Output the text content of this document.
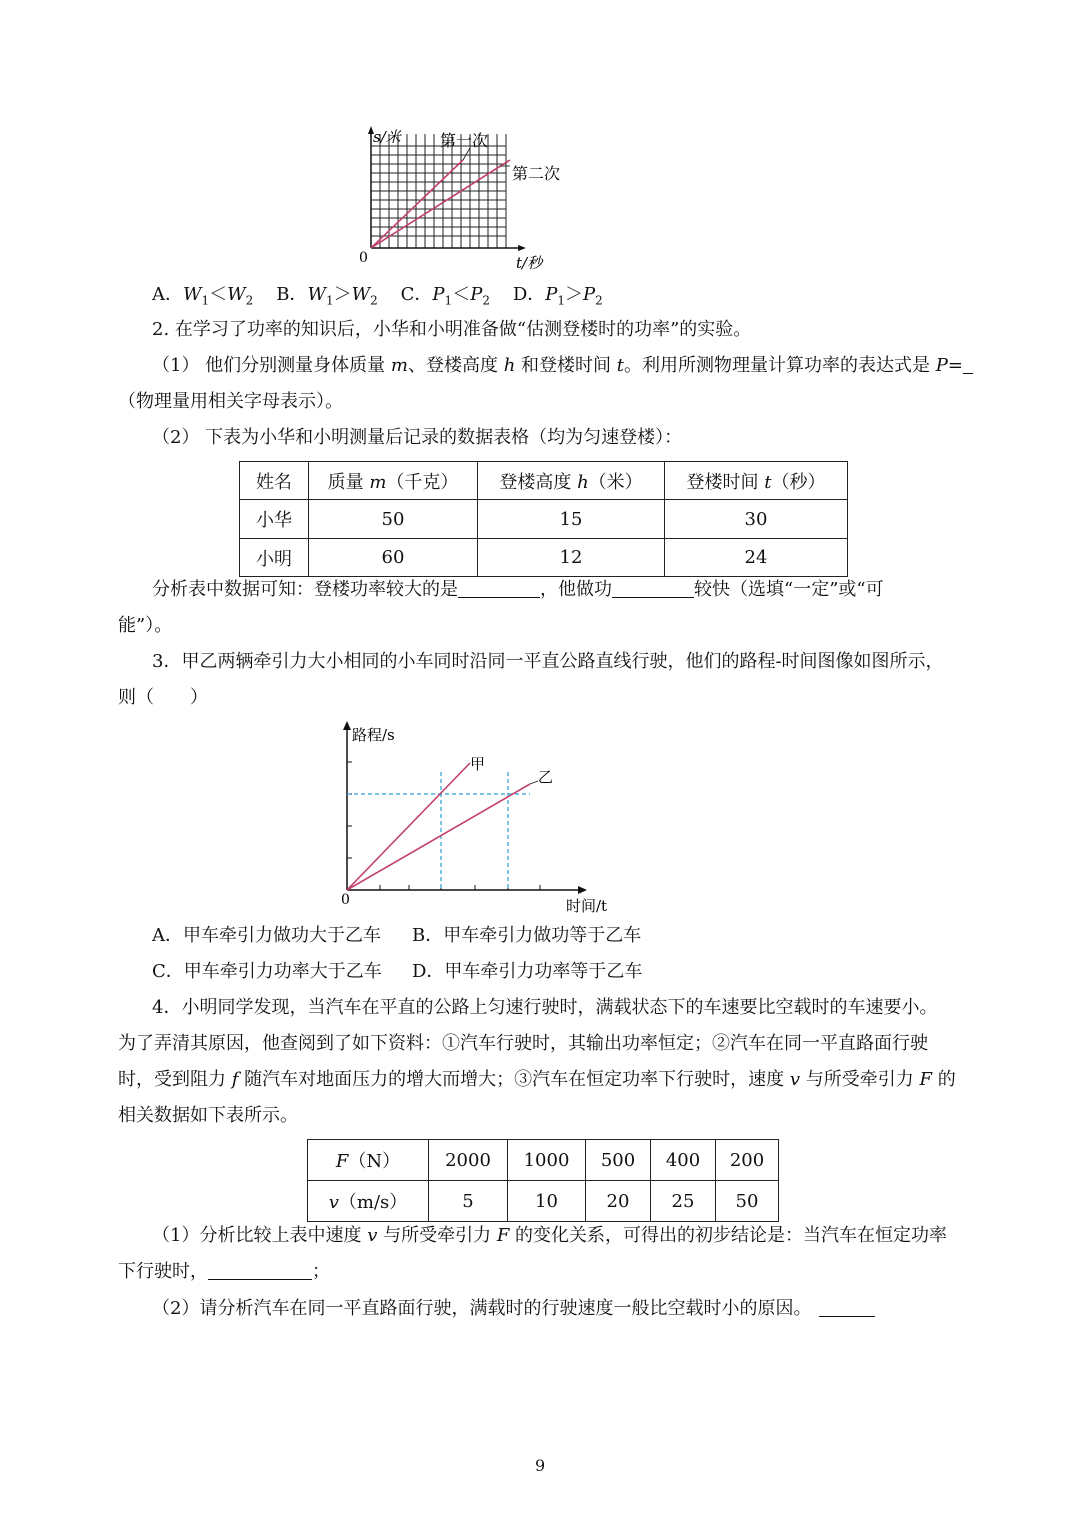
s/米 第一次
第二次
0	t/秒
A．$W_1<W_2$ B．$W_1>W_2$ C．$P_1<P_2$ D．$P_1>P_2$
2. 在学习了功率的知识后，小华和小明准备做“估测登楼时的功率”的实验。
（1） 他们分别测量身体质量 m、登楼高度 h 和登楼时间 t。利用所测物理量计算功率的表达式是 P=
（物理量用相关字母表示）。
（2） 下表为小华和小明测量后记录的数据表格（均为匀速登楼）：
姓名	质量 m（千克）	登楼高度 h（米）	登楼时间 t（秒）
小华	50	15	30
小明	60	12	24
分析表中数据可知：登楼功率较大的是	，他做功	较快（选填“一定”或“可
能”）。
3．甲乙两辆牵引力大小相同的小车同时沿同一平直公路直线行驶，他们的路程-时间图像如图所示，
则（　　）
路程/s
甲
乙
0	时间/t
A．甲车牵引力做功大于乙车 B．甲车牵引力做功等于乙车
C．甲车牵引力功率大于乙车 D．甲车牵引力功率等于乙车
4．小明同学发现，当汽车在平直的公路上匀速行驶时，满载状态下的车速要比空载时的车速要小。
为了弄清其原因，他查阅到了如下资料：①汽车行驶时，其输出功率恒定；②汽车在同一平直路面行驶
时，受到阻力 f 随汽车对地面压力的增大而增大；③汽车在恒定功率下行驶时，速度 v 与所受牵引力 F 的
相关数据如下表所示。
F（N）	2000	1000	500	400	200
v（m/s）	5	10	20	25	50
（1）分析比较上表中速度 v 与所受牵引力 F 的变化关系，可得出的初步结论是：当汽车在恒定功率
下行驶时，	；
（2）请分析汽车在同一平直路面行驶，满载时的行驶速度一般比空载时小的原因。
9
